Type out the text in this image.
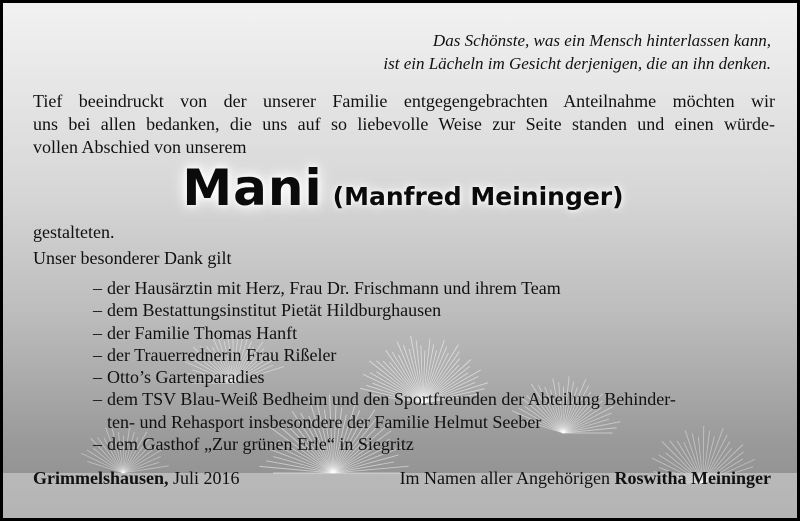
Das Schönste, was ein Mensch hinterlassen kann,
ist ein Lächeln im Gesicht derjenigen, die an ihn denken.
Tief beeindruckt von der unserer Familie entgegengebrachten Anteilnahme möchten wir
uns bei allen bedanken, die uns auf so liebevolle Weise zur Seite standen und einen würde-
vollen Abschied von unserem
Mani (Manfred Meininger)
gestalteten.
Unser besonderer Dank gilt
– der Hausärztin mit Herz, Frau Dr. Frischmann und ihrem Team
– dem Bestattungsinstitut Pietät Hildburghausen
– der Familie Thomas Hanft
– der Trauerrednerin Frau Rißeler
– Otto’s Gartenparadies
– dem TSV Blau-Weiß Bedheim und den Sportfreunden der Abteilung Behinder-
ten- und Rehasport insbesondere der Familie Helmut Seeber
– dem Gasthof „Zur grünen Erle“ in Siegritz
Grimmelshausen, Juli 2016	Im Namen aller Angehörigen Roswitha Meininger
